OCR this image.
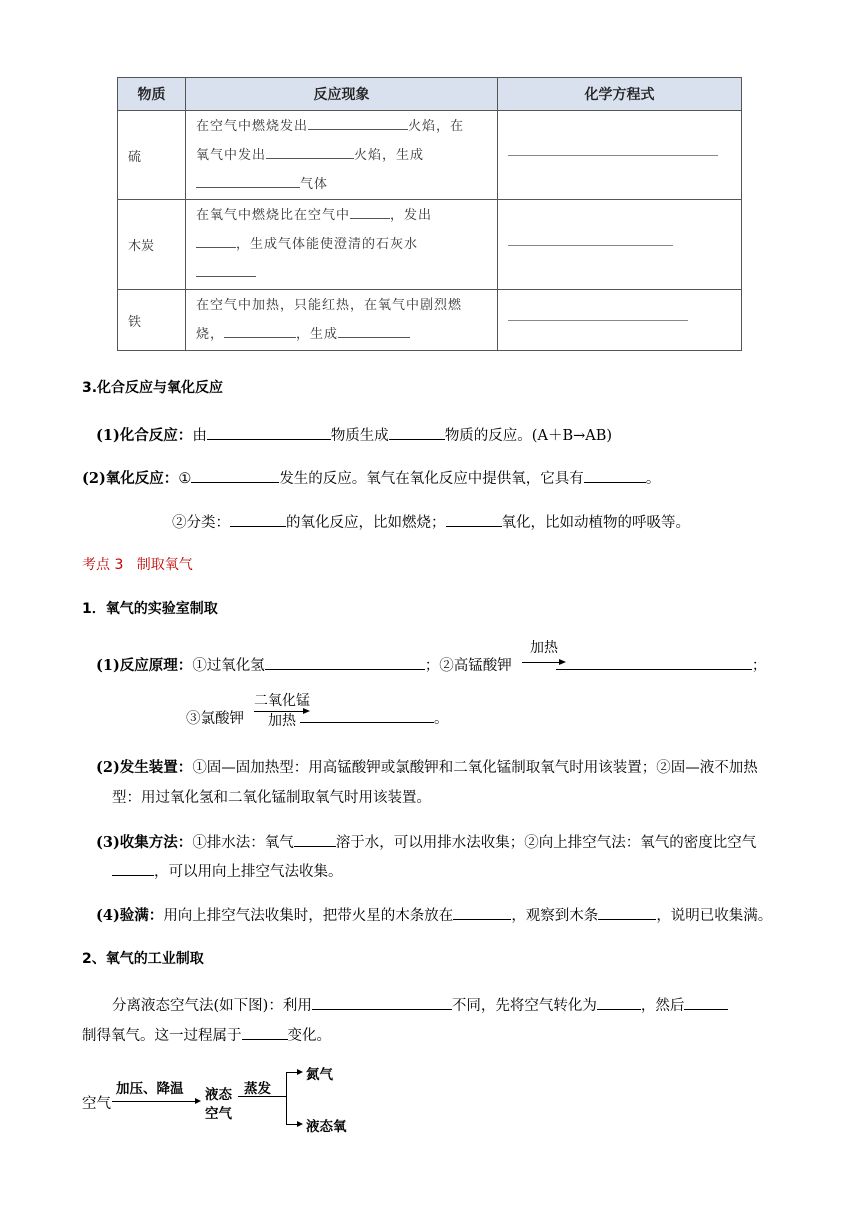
物质	反应现象	化学方程式
硫	在空气中燃烧发出 火焰，在
氧气中发出 火焰，生成
气体	

木炭	在氧气中燃烧比在空气中 ，发出
，生成气体能使澄清的石灰水	

铁	在空气中加热，只能红热，在氧气中剧烈燃
烧， ，生成	

3.化合反应与氧化反应
(1)化合反应：由	物质生成	物质的反应。(A＋B→AB)
(2)氧化反应：①	发生的反应。氧气在氧化反应中提供氧，它具有	。
②分类：	的氧化反应，比如燃烧；	氧化，比如动植物的呼吸等。
考点 3 制取氧气
1．氧气的实验室制取
(1)反应原理：①过氧化氢	；②高锰酸钾	；
加热
③氯酸钾	。
二氧化锰
加热
(2)发生装置：①固—固加热型：用高锰酸钾或氯酸钾和二氧化锰制取氧气时用该装置；②固—液不加热
型：用过氧化氢和二氧化锰制取氧气时用该装置。
(3)收集方法：①排水法：氧气	溶于水，可以用排水法收集；②向上排空气法：氧气的密度比空气
，可以用向上排空气法收集。
(4)验满：用向上排空气法收集时，把带火星的木条放在	，观察到木条	，说明已收集满。
2、氧气的工业制取
分离液态空气法(如下图)：利用	不同，先将空气转化为	，然后
制得氧气。这一过程属于	变化。
空气
加压、降温 液态
空气
蒸发
氮气
液态氧
